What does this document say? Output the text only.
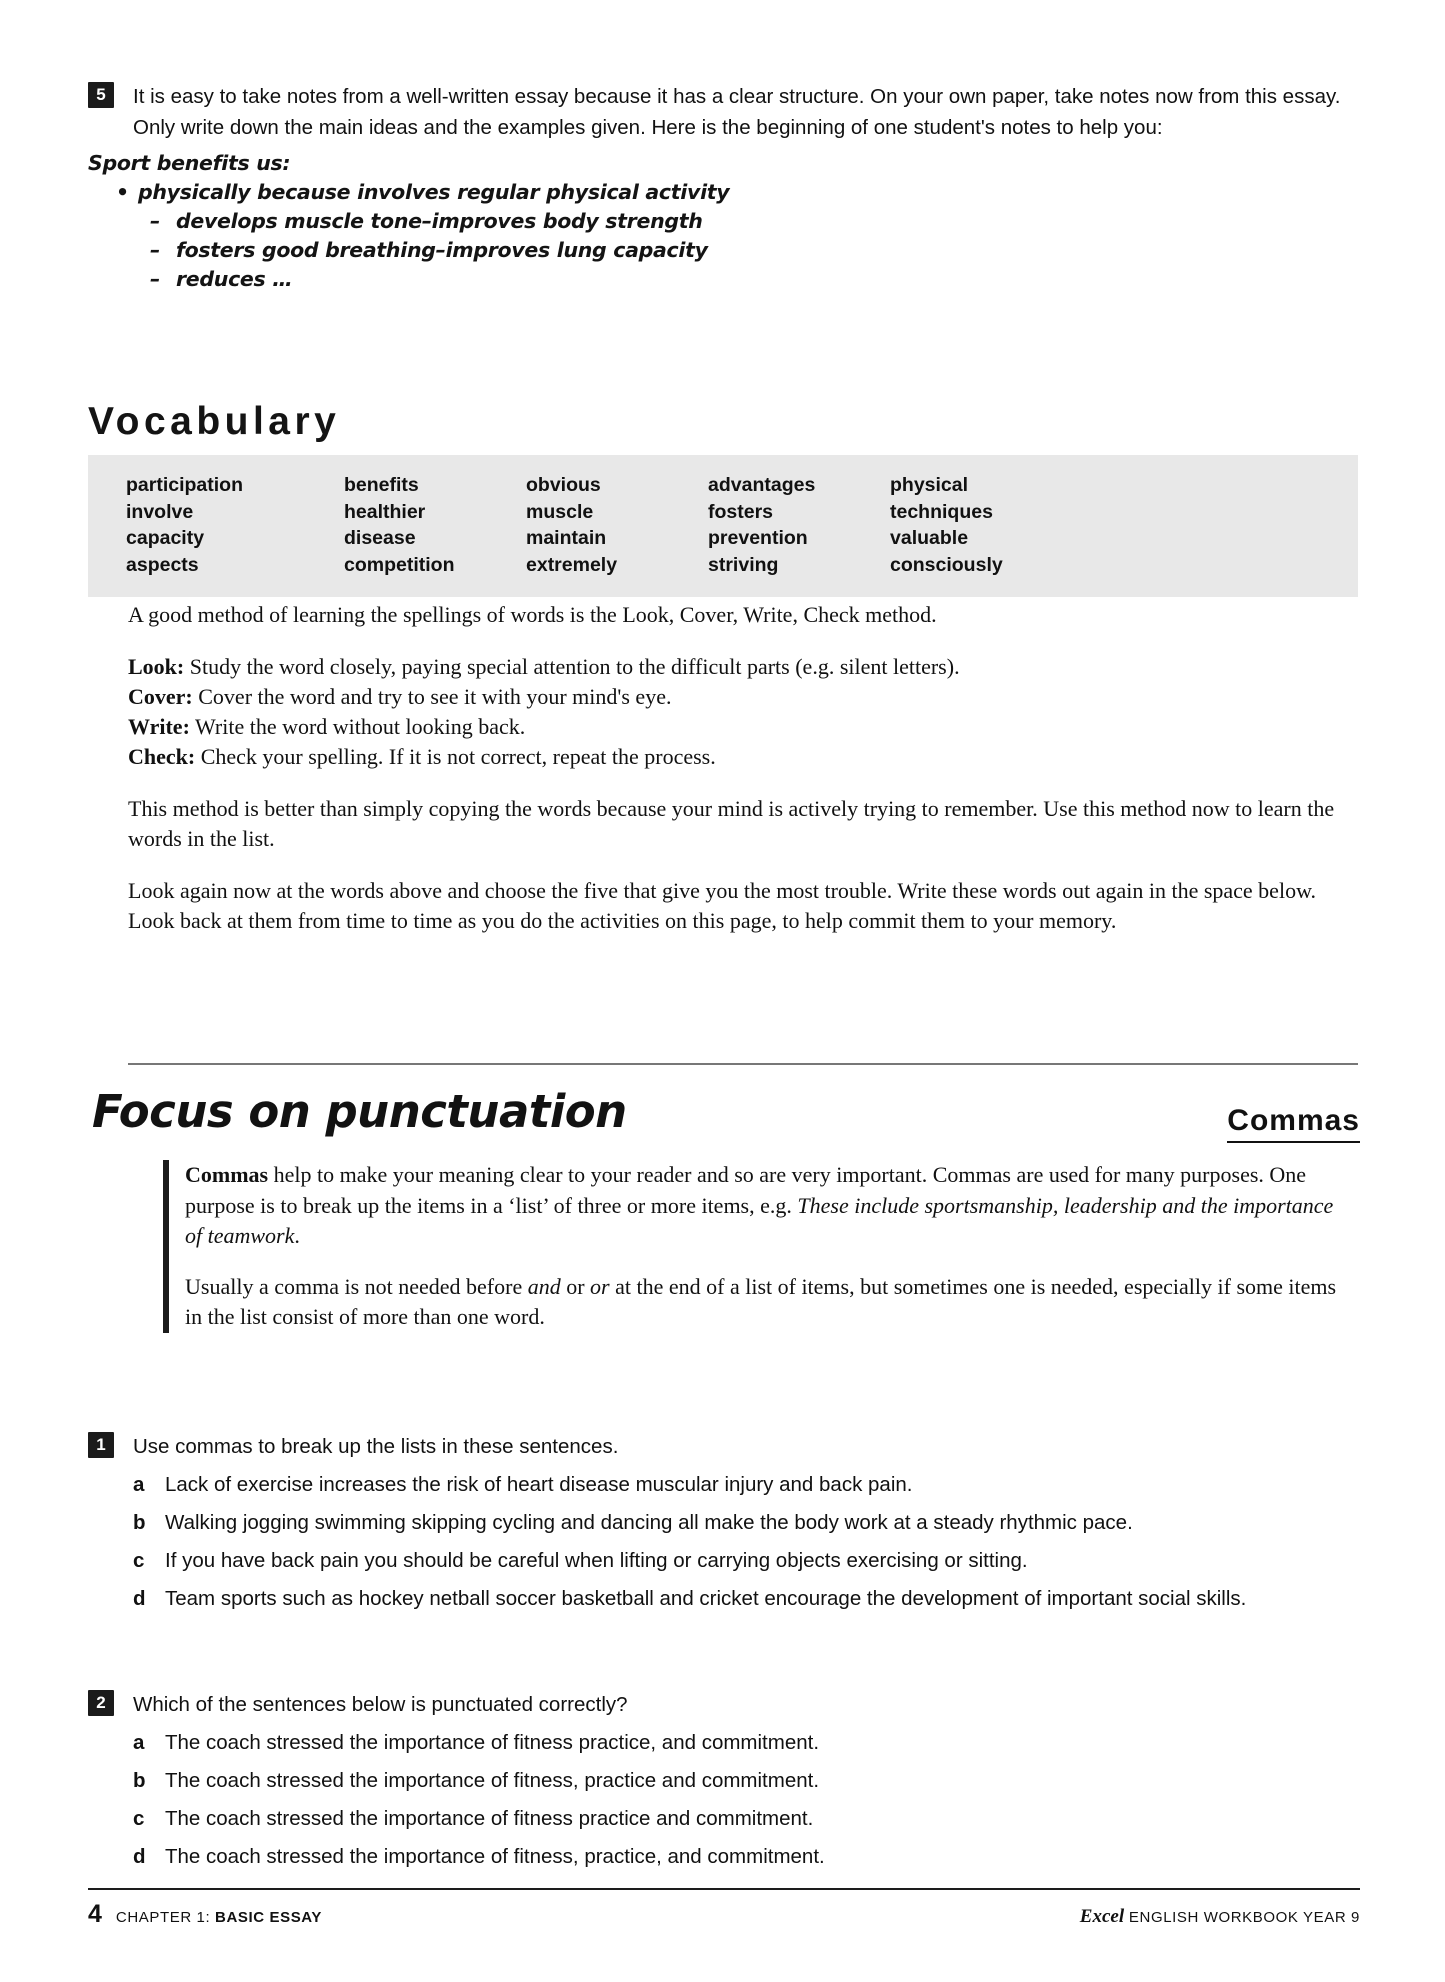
5	It is easy to take notes from a well-written essay because it has a clear structure. On your own paper, take notes now from this essay. Only write down the main ideas and the examples given. Here is the beginning of one student's notes to help you:
Sport benefits us:
• physically because involves regular physical activity
– develops muscle tone–improves body strength
– fosters good breathing–improves lung capacity
– reduces …
Vocabulary
participation	benefits	obvious	advantages	physical
involve	healthier	muscle	fosters	techniques
capacity	disease	maintain	prevention	valuable
aspects	competition	extremely	striving	consciously

A good method of learning the spellings of words is the Look, Cover, Write, Check method.

Look: Study the word closely, paying special attention to the difficult parts (e.g. silent letters).

Cover: Cover the word and try to see it with your mind's eye.

Write: Write the word without looking back.

Check: Check your spelling. If it is not correct, repeat the process.

This method is better than simply copying the words because your mind is actively trying to remember. Use this method now to learn the words in the list.

Look again now at the words above and choose the five that give you the most trouble. Write these words out again in the space below. Look back at them from time to time as you do the activities on this page, to help commit them to your memory.

Focus on punctuation	Commas

Commas help to make your meaning clear to your reader and so are very important. Commas are used for many purposes. One purpose is to break up the items in a ‘list’ of three or more items, e.g. These include sportsmanship, leadership and the importance of teamwork.

Usually a comma is not needed before and or or at the end of a list of items, but sometimes one is needed, especially if some items in the list consist of more than one word.

1	Use commas to break up the lists in these sentences.
a Lack of exercise increases the risk of heart disease muscular injury and back pain.
b Walking jogging swimming skipping cycling and dancing all make the body work at a steady rhythmic pace.
c If you have back pain you should be careful when lifting or carrying objects exercising or sitting.
d Team sports such as hockey netball soccer basketball and cricket encourage the development of important social skills.
2	Which of the sentences below is punctuated correctly?
a The coach stressed the importance of fitness practice, and commitment.
b The coach stressed the importance of fitness, practice and commitment.
c The coach stressed the importance of fitness practice and commitment.
d The coach stressed the importance of fitness, practice, and commitment.
4 CHAPTER 1: BASIC ESSAY	Excel ENGLISH WORKBOOK YEAR 9
